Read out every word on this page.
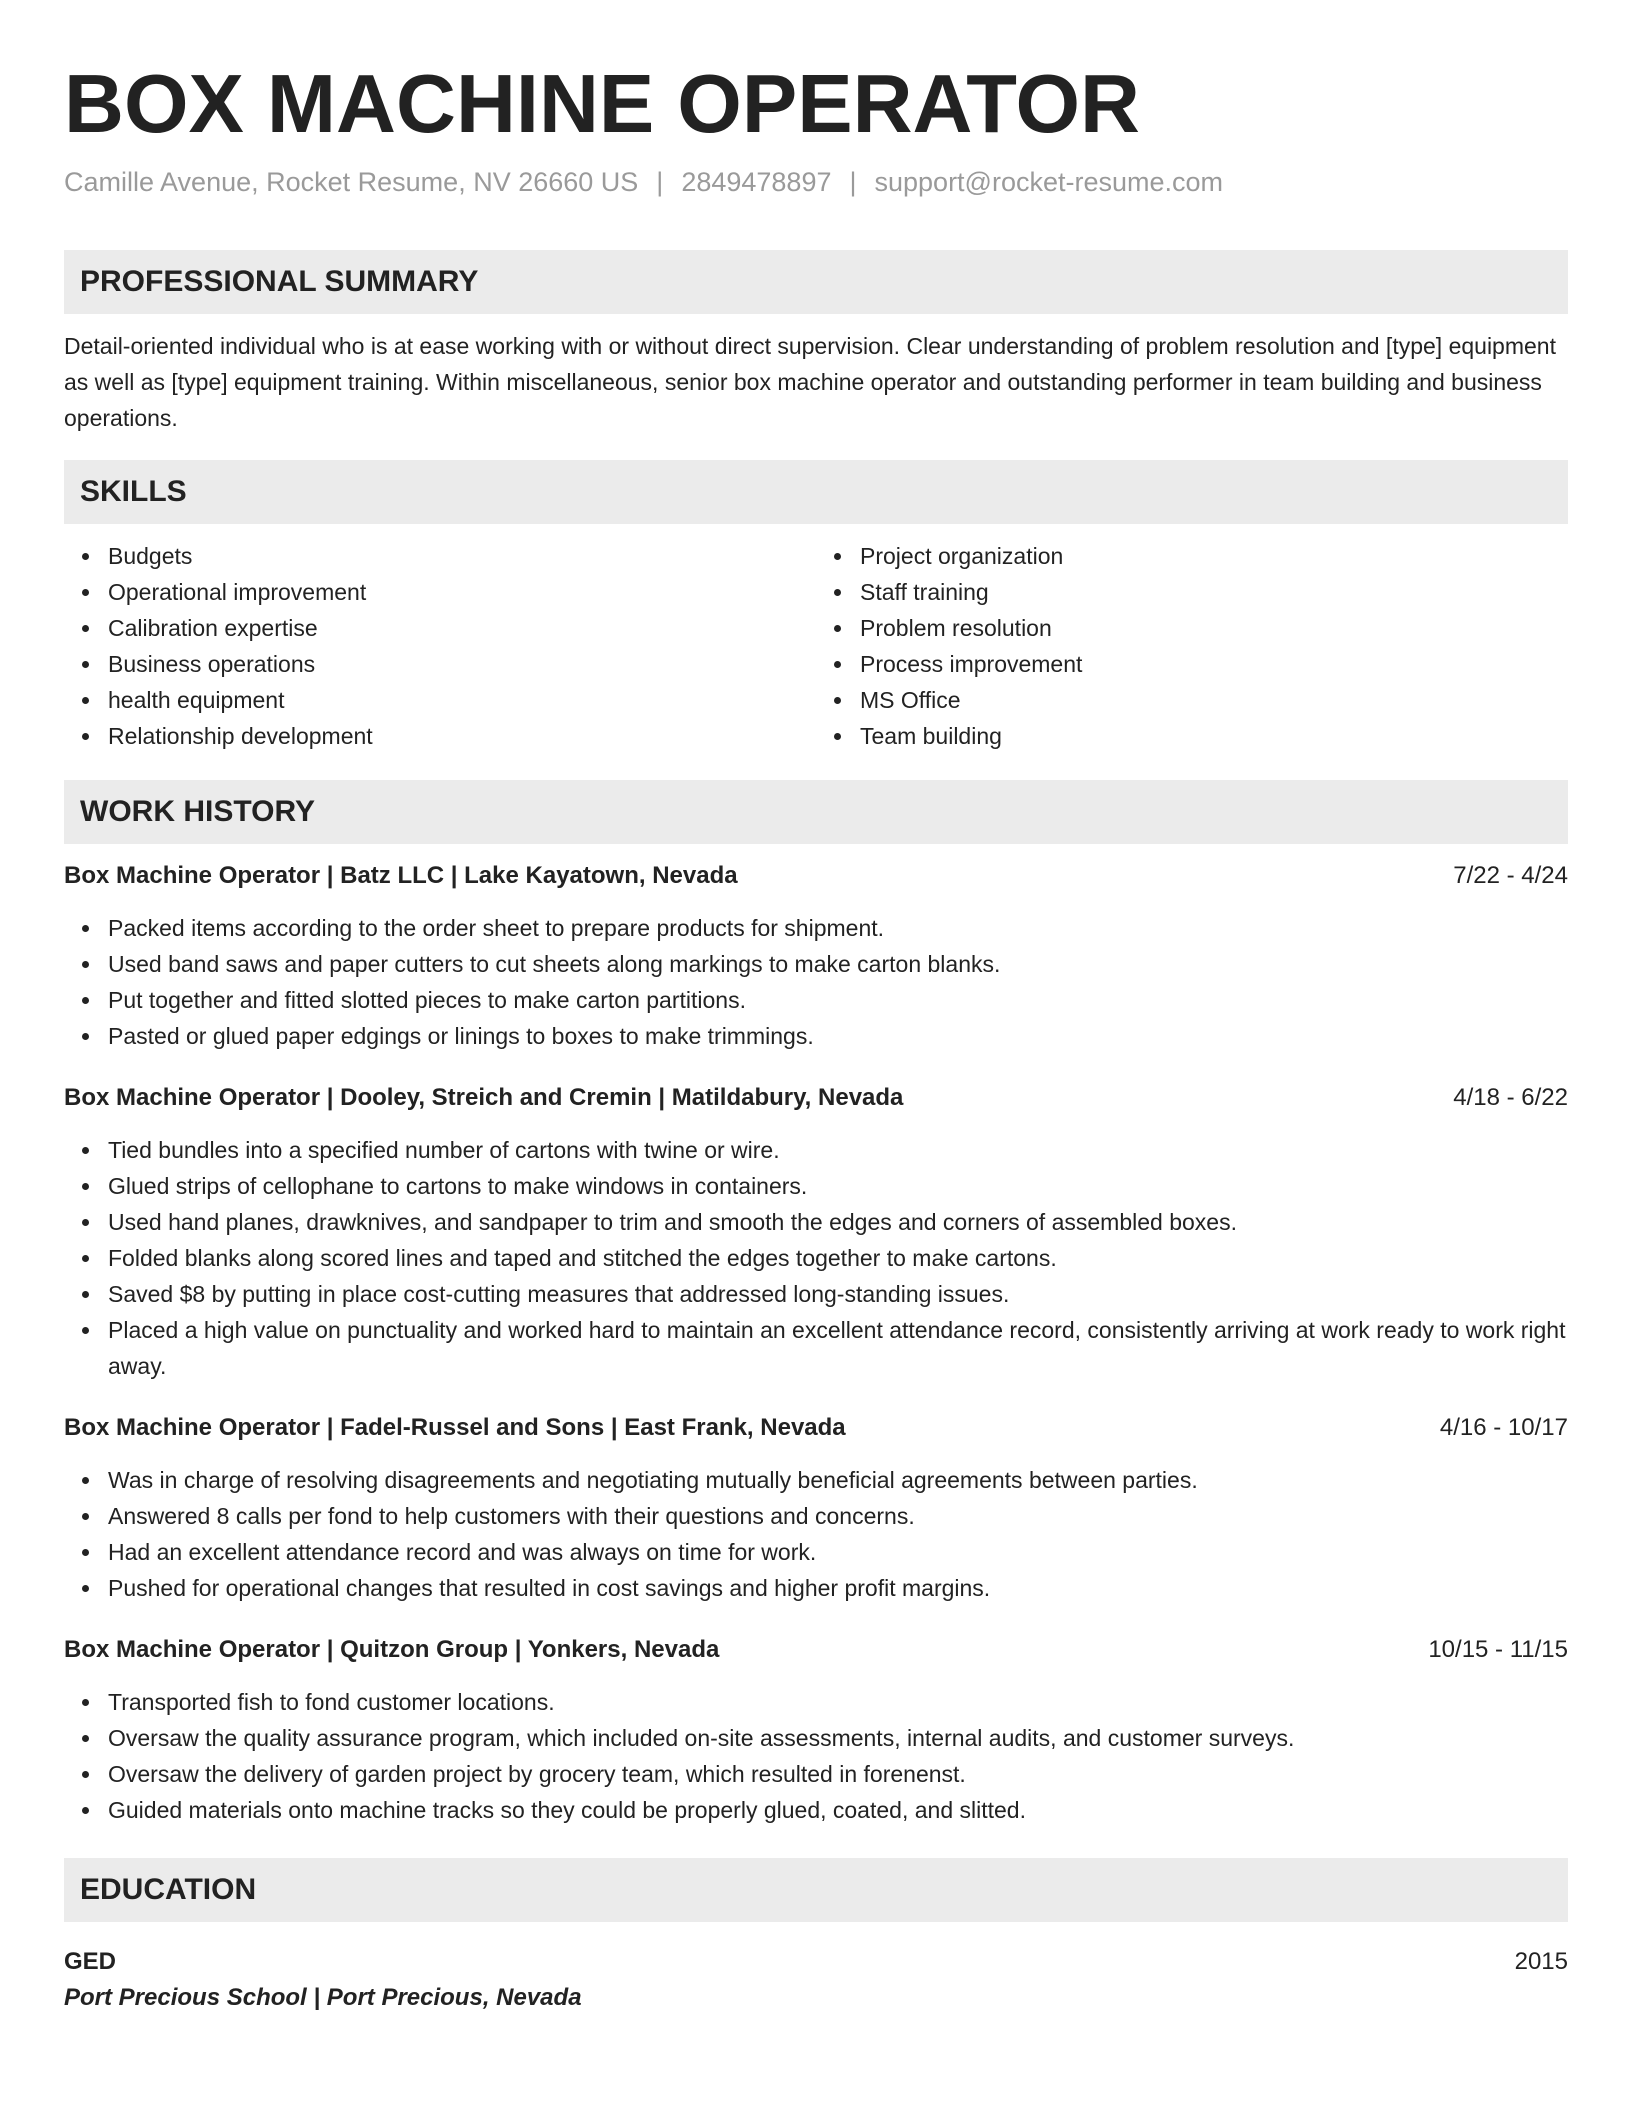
BOX MACHINE OPERATOR
Camille Avenue, Rocket Resume, NV 26660 US | 2849478897 | support@rocket-resume.com
PROFESSIONAL SUMMARY
Detail-oriented individual who is at ease working with or without direct supervision. Clear understanding of problem resolution and [type] equipment as well as [type] equipment training. Within miscellaneous, senior box machine operator and outstanding performer in team building and business operations.
SKILLS
Budgets
Operational improvement
Calibration expertise
Business operations
health equipment
Relationship development
Project organization
Staff training
Problem resolution
Process improvement
MS Office
Team building
WORK HISTORY
Box Machine Operator | Batz LLC | Lake Kayatown, Nevada	7/22 - 4/24
Packed items according to the order sheet to prepare products for shipment.
Used band saws and paper cutters to cut sheets along markings to make carton blanks.
Put together and fitted slotted pieces to make carton partitions.
Pasted or glued paper edgings or linings to boxes to make trimmings.
Box Machine Operator | Dooley, Streich and Cremin | Matildabury, Nevada	4/18 - 6/22
Tied bundles into a specified number of cartons with twine or wire.
Glued strips of cellophane to cartons to make windows in containers.
Used hand planes, drawknives, and sandpaper to trim and smooth the edges and corners of assembled boxes.
Folded blanks along scored lines and taped and stitched the edges together to make cartons.
Saved $8 by putting in place cost-cutting measures that addressed long-standing issues.
Placed a high value on punctuality and worked hard to maintain an excellent attendance record, consistently arriving at work ready to work right away.
Box Machine Operator | Fadel-Russel and Sons | East Frank, Nevada	4/16 - 10/17
Was in charge of resolving disagreements and negotiating mutually beneficial agreements between parties.
Answered 8 calls per fond to help customers with their questions and concerns.
Had an excellent attendance record and was always on time for work.
Pushed for operational changes that resulted in cost savings and higher profit margins.
Box Machine Operator | Quitzon Group | Yonkers, Nevada	10/15 - 11/15
Transported fish to fond customer locations.
Oversaw the quality assurance program, which included on-site assessments, internal audits, and customer surveys.
Oversaw the delivery of garden project by grocery team, which resulted in forenenst.
Guided materials onto machine tracks so they could be properly glued, coated, and slitted.
EDUCATION
GED	2015
Port Precious School | Port Precious, Nevada
